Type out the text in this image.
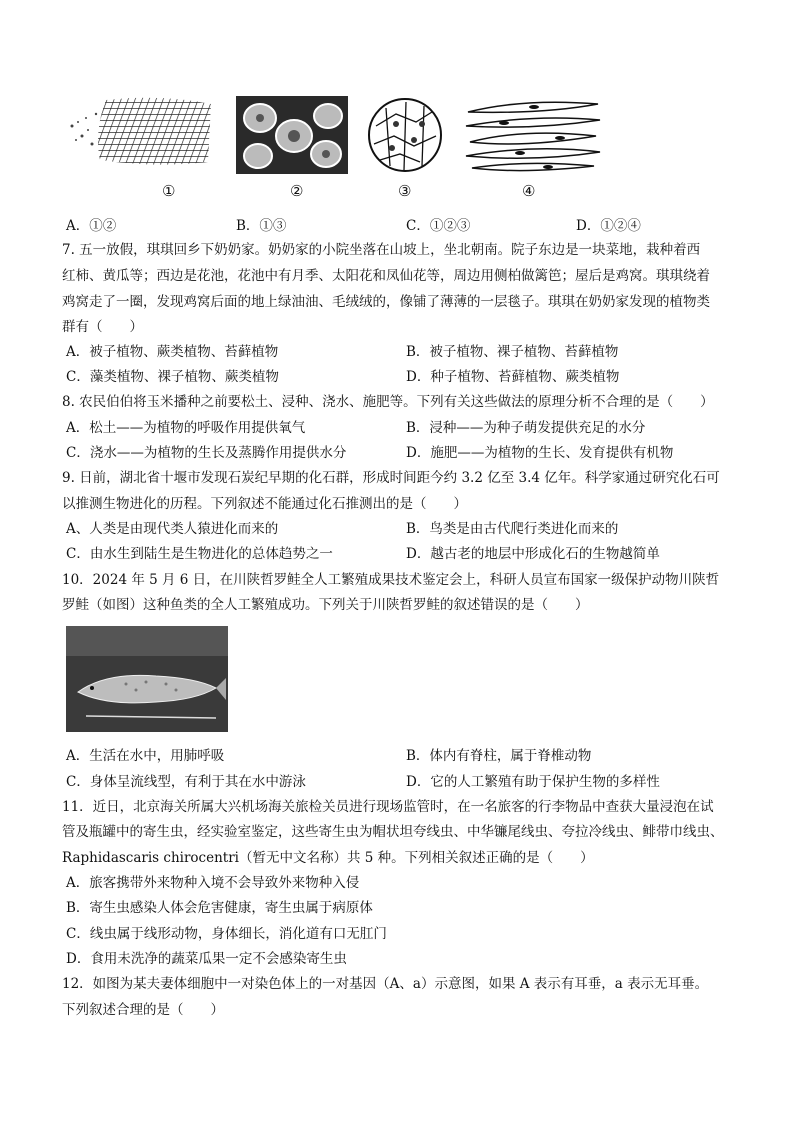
①	②	③	④
A．①②	B．①③	C．①②③	D．①②④
7. 五一放假，琪琪回乡下奶奶家。奶奶家的小院坐落在山坡上，坐北朝南。院子东边是一块菜地，栽种着西
红柿、黄瓜等；西边是花池，花池中有月季、太阳花和凤仙花等，周边用侧柏做篱笆；屋后是鸡窝。琪琪绕着
鸡窝走了一圈，发现鸡窝后面的地上绿油油、毛绒绒的，像铺了薄薄的一层毯子。琪琪在奶奶家发现的植物类
群有（　　）
A．被子植物、蕨类植物、苔藓植物	B．被子植物、裸子植物、苔藓植物
C．藻类植物、裸子植物、蕨类植物	D．种子植物、苔藓植物、蕨类植物
8. 农民伯伯将玉米播种之前要松土、浸种、浇水、施肥等。下列有关这些做法的原理分析不合理的是（　　）
A．松土——为植物的呼吸作用提供氧气	B．浸种——为种子萌发提供充足的水分
C．浇水——为植物的生长及蒸腾作用提供水分	D．施肥——为植物的生长、发育提供有机物
9. 日前，湖北省十堰市发现石炭纪早期的化石群，形成时间距今约 3.2 亿至 3.4 亿年。科学家通过研究化石可
以推测生物进化的历程。下列叙述不能通过化石推测出的是（　　）
A、人类是由现代类人猿进化而来的	B．鸟类是由古代爬行类进化而来的
C．由水生到陆生是生物进化的总体趋势之一	D．越古老的地层中形成化石的生物越简单
10．2024 年 5 月 6 日，在川陕哲罗鲑全人工繁殖成果技术鉴定会上，科研人员宣布国家一级保护动物川陕哲
罗鲑（如图）这种鱼类的全人工繁殖成功。下列关于川陕哲罗鲑的叙述错误的是（　　）
A．生活在水中，用肺呼吸	B．体内有脊柱，属于脊椎动物
C．身体呈流线型，有利于其在水中游泳	D．它的人工繁殖有助于保护生物的多样性
11．近日，北京海关所属大兴机场海关旅检关员进行现场监管时，在一名旅客的行李物品中查获大量浸泡在试
管及瓶罐中的寄生虫，经实验室鉴定，这些寄生虫为帽状坦夸线虫、中华镰尾线虫、夸拉冷线虫、鲱带巾线虫、
Raphidascaris chirocentri（暂无中文名称）共 5 种。下列相关叙述正确的是（　　）
A．旅客携带外来物种入境不会导致外来物种入侵
B．寄生虫感染人体会危害健康，寄生虫属于病原体
C．线虫属于线形动物，身体细长，消化道有口无肛门
D．食用未洗净的蔬菜瓜果一定不会感染寄生虫
12．如图为某夫妻体细胞中一对染色体上的一对基因（A、a）示意图，如果 A 表示有耳垂，a 表示无耳垂。
下列叙述合理的是（　　）
